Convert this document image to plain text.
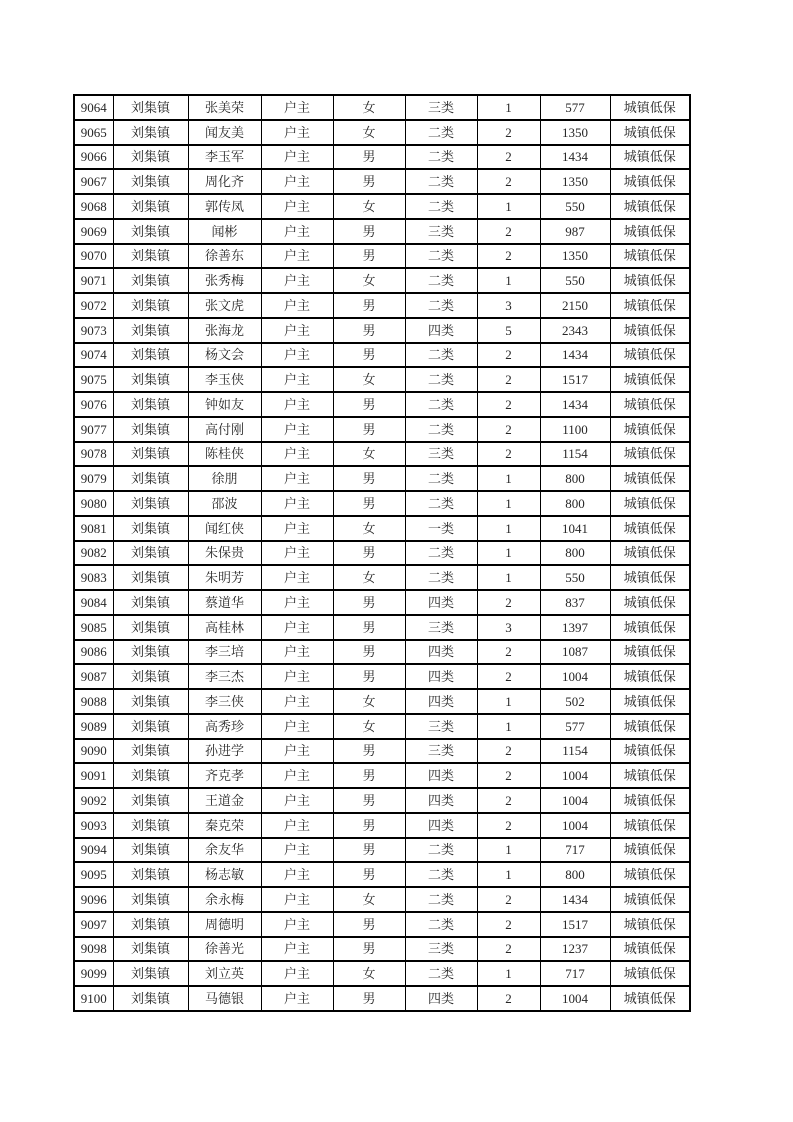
9064	刘集镇	张美荣	户主	女	三类	1	577	城镇低保
9065	刘集镇	闻友美	户主	女	二类	2	1350	城镇低保
9066	刘集镇	李玉军	户主	男	二类	2	1434	城镇低保
9067	刘集镇	周化齐	户主	男	二类	2	1350	城镇低保
9068	刘集镇	郭传凤	户主	女	二类	1	550	城镇低保
9069	刘集镇	闻彬	户主	男	三类	2	987	城镇低保
9070	刘集镇	徐善东	户主	男	二类	2	1350	城镇低保
9071	刘集镇	张秀梅	户主	女	二类	1	550	城镇低保
9072	刘集镇	张文虎	户主	男	二类	3	2150	城镇低保
9073	刘集镇	张海龙	户主	男	四类	5	2343	城镇低保
9074	刘集镇	杨文会	户主	男	二类	2	1434	城镇低保
9075	刘集镇	李玉侠	户主	女	二类	2	1517	城镇低保
9076	刘集镇	钟如友	户主	男	二类	2	1434	城镇低保
9077	刘集镇	高付刚	户主	男	二类	2	1100	城镇低保
9078	刘集镇	陈桂侠	户主	女	三类	2	1154	城镇低保
9079	刘集镇	徐朋	户主	男	二类	1	800	城镇低保
9080	刘集镇	邵波	户主	男	二类	1	800	城镇低保
9081	刘集镇	闻红侠	户主	女	一类	1	1041	城镇低保
9082	刘集镇	朱保贵	户主	男	二类	1	800	城镇低保
9083	刘集镇	朱明芳	户主	女	二类	1	550	城镇低保
9084	刘集镇	蔡道华	户主	男	四类	2	837	城镇低保
9085	刘集镇	高桂林	户主	男	三类	3	1397	城镇低保
9086	刘集镇	李三培	户主	男	四类	2	1087	城镇低保
9087	刘集镇	李三杰	户主	男	四类	2	1004	城镇低保
9088	刘集镇	李三侠	户主	女	四类	1	502	城镇低保
9089	刘集镇	高秀珍	户主	女	三类	1	577	城镇低保
9090	刘集镇	孙进学	户主	男	三类	2	1154	城镇低保
9091	刘集镇	齐克孝	户主	男	四类	2	1004	城镇低保
9092	刘集镇	王道金	户主	男	四类	2	1004	城镇低保
9093	刘集镇	秦克荣	户主	男	四类	2	1004	城镇低保
9094	刘集镇	余友华	户主	男	二类	1	717	城镇低保
9095	刘集镇	杨志敏	户主	男	二类	1	800	城镇低保
9096	刘集镇	余永梅	户主	女	二类	2	1434	城镇低保
9097	刘集镇	周德明	户主	男	二类	2	1517	城镇低保
9098	刘集镇	徐善光	户主	男	三类	2	1237	城镇低保
9099	刘集镇	刘立英	户主	女	二类	1	717	城镇低保
9100	刘集镇	马德银	户主	男	四类	2	1004	城镇低保
